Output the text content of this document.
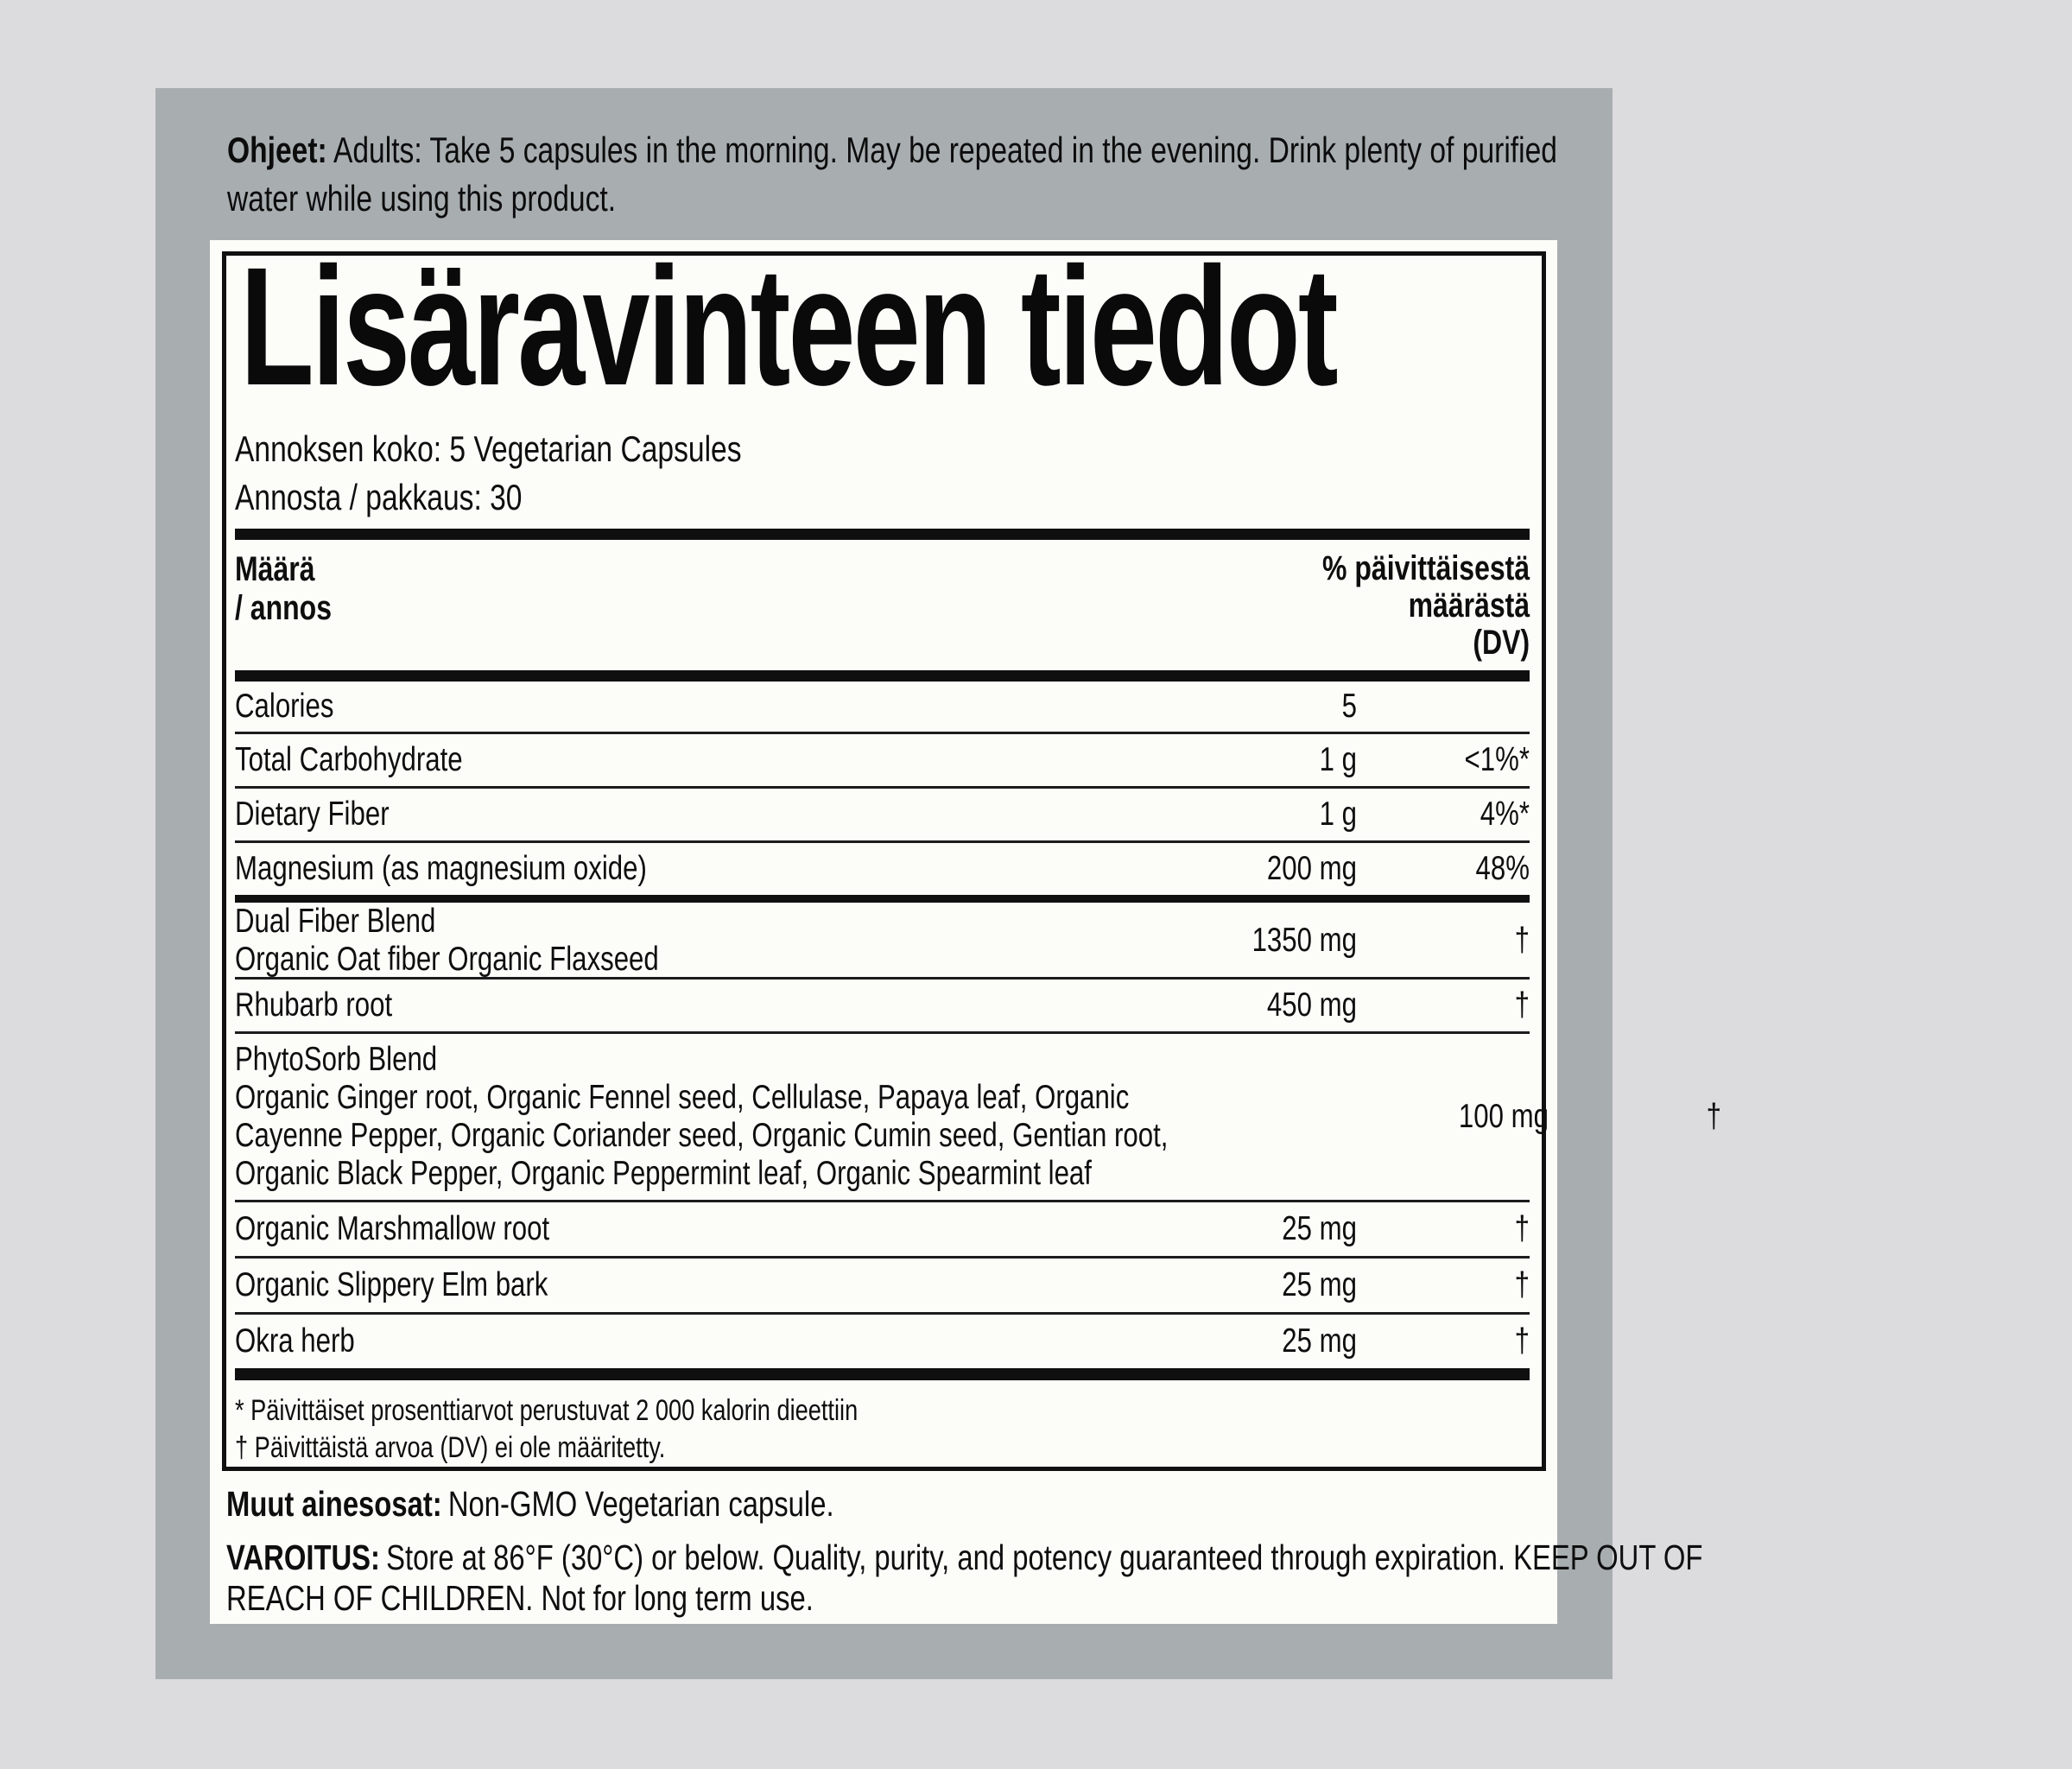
Ohjeet: Adults: Take 5 capsules in the morning. May be repeated in the evening. Drink plenty of purified
water while using this product.
Lisäravinteen tiedot
Annoksen koko: 5 Vegetarian Capsules
Annosta / pakkaus: 30
Määrä
/ annos
% päivittäisestä
määrästä
(DV)
Calories	5
Total Carbohydrate	1 g	<1%*
Dietary Fiber	1 g	4%*
Magnesium (as magnesium oxide)	200 mg	48%
Dual Fiber Blend
Organic Oat fiber Organic Flaxseed
1350 mg	†
Rhubarb root	450 mg	†
PhytoSorb Blend
Organic Ginger root, Organic Fennel seed, Cellulase, Papaya leaf, Organic
Cayenne Pepper, Organic Coriander seed, Organic Cumin seed, Gentian root,
Organic Black Pepper, Organic Peppermint leaf, Organic Spearmint leaf
100 mg	†
Organic Marshmallow root	25 mg	†
Organic Slippery Elm bark	25 mg	†
Okra herb	25 mg	†
* Päivittäiset prosenttiarvot perustuvat 2 000 kalorin dieettiin
† Päivittäistä arvoa (DV) ei ole määritetty.
Muut ainesosat: Non-GMO Vegetarian capsule.
VAROITUS: Store at 86°F (30°C) or below. Quality, purity, and potency guaranteed through expiration. KEEP OUT OF
REACH OF CHILDREN. Not for long term use.
